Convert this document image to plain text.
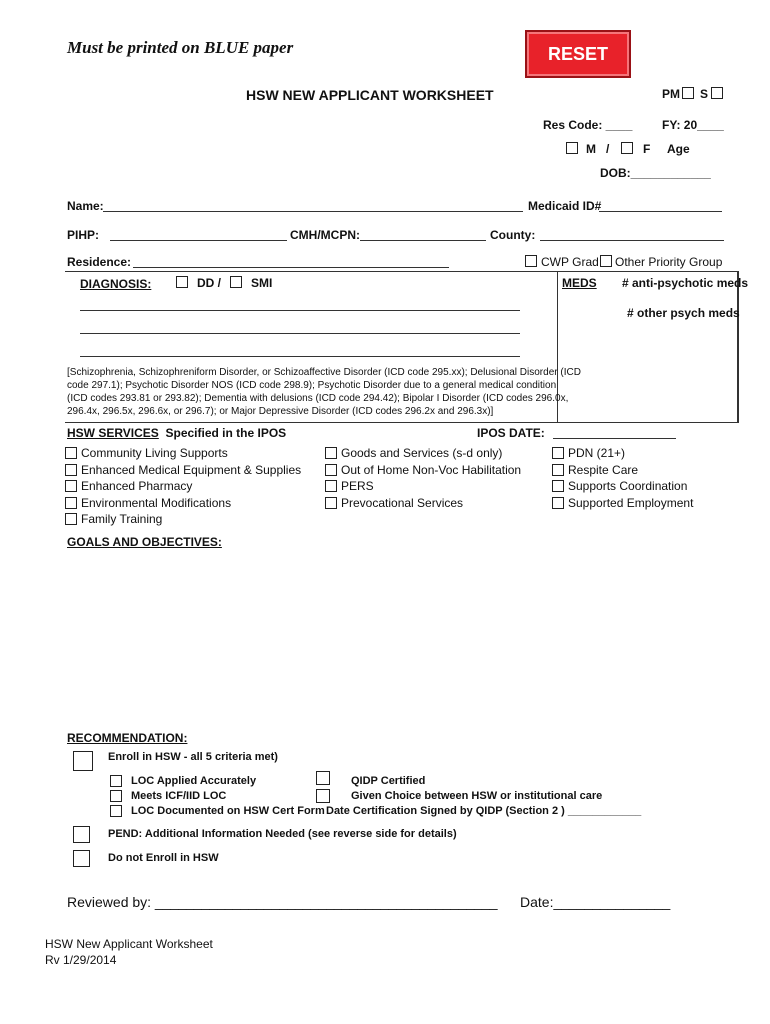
Must be printed on BLUE paper	RESET
HSW NEW APPLICANT WORKSHEET	PM S
Res Code: ____ FY: 20____
M /	F Age
DOB:____________
Name:	Medicaid ID#
PIHP:	CMH/MCPN:	County:
Residence:	CWP Grad Other Priority Group
DIAGNOSIS:	DD /	SMI	MEDS # anti-psychotic meds
# other psych meds
[Schizophrenia, Schizophreniform Disorder, or Schizoaffective Disorder (ICD code 295.xx); Delusional Disorder (ICD
code 297.1); Psychotic Disorder NOS (ICD code 298.9); Psychotic Disorder due to a general medical condition
(ICD codes 293.81 or 293.82); Dementia with delusions (ICD code 294.42); Bipolar I Disorder (ICD codes 296.0x,
296.4x, 296.5x, 296.6x, or 296.7); or Major Depressive Disorder (ICD codes 296.2x and 296.3x)]
HSW SERVICES Specified in the IPOS	IPOS DATE:
Community Living Supports
Enhanced Medical Equipment & Supplies
Enhanced Pharmacy
Environmental Modifications
Family Training
Goods and Services (s-d only)
Out of Home Non-Voc Habilitation
PERS
Prevocational Services
PDN (21+)
Respite Care
Supports Coordination
Supported Employment
GOALS AND OBJECTIVES:
RECOMMENDATION:
Enroll in HSW - all 5 criteria met)
LOC Applied Accurately
Meets ICF/IID LOC
LOC Documented on HSW Cert Form
QIDP Certified
Given Choice between HSW or institutional care
Date Certification Signed by QIDP (Section 2 ) ____________
PEND: Additional Information Needed (see reverse side for details)
Do not Enroll in HSW
Reviewed by: ____________________________________________ Date:_______________
HSW New Applicant Worksheet
Rv 1/29/2014
